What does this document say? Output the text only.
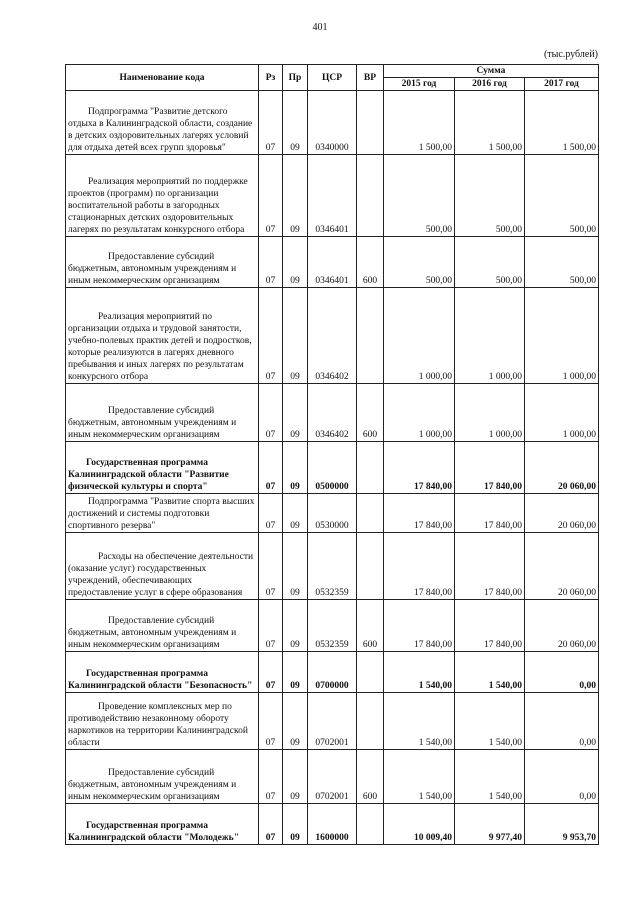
401
(тыс.рублей)
Наименование кода	Рз	Пр	ЦСР	ВР	Сумма		
					2015 год	2016 год	2017 год
Подпрограмма "Развитие детского отдыха в Калининградской области, создание в детских оздоровительных лагерях условий для отдыха детей всех групп здоровья"	07	09	0340000		1 500,00	1 500,00	1 500,00
Реализация мероприятий по поддержке проектов (программ) по организации воспитательной работы в загородных стационарных детских оздоровительных лагерях по результатам конкурсного отбора	07	09	0346401		500,00	500,00	500,00
Предоставление субсидий бюджетным, автономным учреждениям и иным некоммерческим организациям	07	09	0346401	600	500,00	500,00	500,00
Реализация мероприятий по организации отдыха и трудовой занятости, учебно-полевых практик детей и подростков, которые реализуются в лагерях дневного пребывания и иных лагерях по результатам конкурсного отбора	07	09	0346402		1 000,00	1 000,00	1 000,00
Предоставление субсидий бюджетным, автономным учреждениям и иным некоммерческим организациям	07	09	0346402	600	1 000,00	1 000,00	1 000,00
Государственная программа Калининградской области "Развитие физической культуры и спорта"	07	09	0500000		17 840,00	17 840,00	20 060,00
Подпрограмма "Развитие спорта высших достижений и системы подготовки спортивного резерва"	07	09	0530000		17 840,00	17 840,00	20 060,00
Расходы на обеспечение деятельности (оказание услуг) государственных учреждений, обеспечивающих предоставление услуг в сфере образования	07	09	0532359		17 840,00	17 840,00	20 060,00
Предоставление субсидий бюджетным, автономным учреждениям и иным некоммерческим организациям	07	09	0532359	600	17 840,00	17 840,00	20 060,00
Государственная программа Калининградской области "Безопасность"	07	09	0700000		1 540,00	1 540,00	0,00
Проведение комплексных мер по противодействию незаконному обороту наркотиков на территории Калининградской области	07	09	0702001		1 540,00	1 540,00	0,00
Предоставление субсидий бюджетным, автономным учреждениям и иным некоммерческим организациям	07	09	0702001	600	1 540,00	1 540,00	0,00
Государственная программа Калининградской области "Молодежь"	07	09	1600000		10 009,40	9 977,40	9 953,70
